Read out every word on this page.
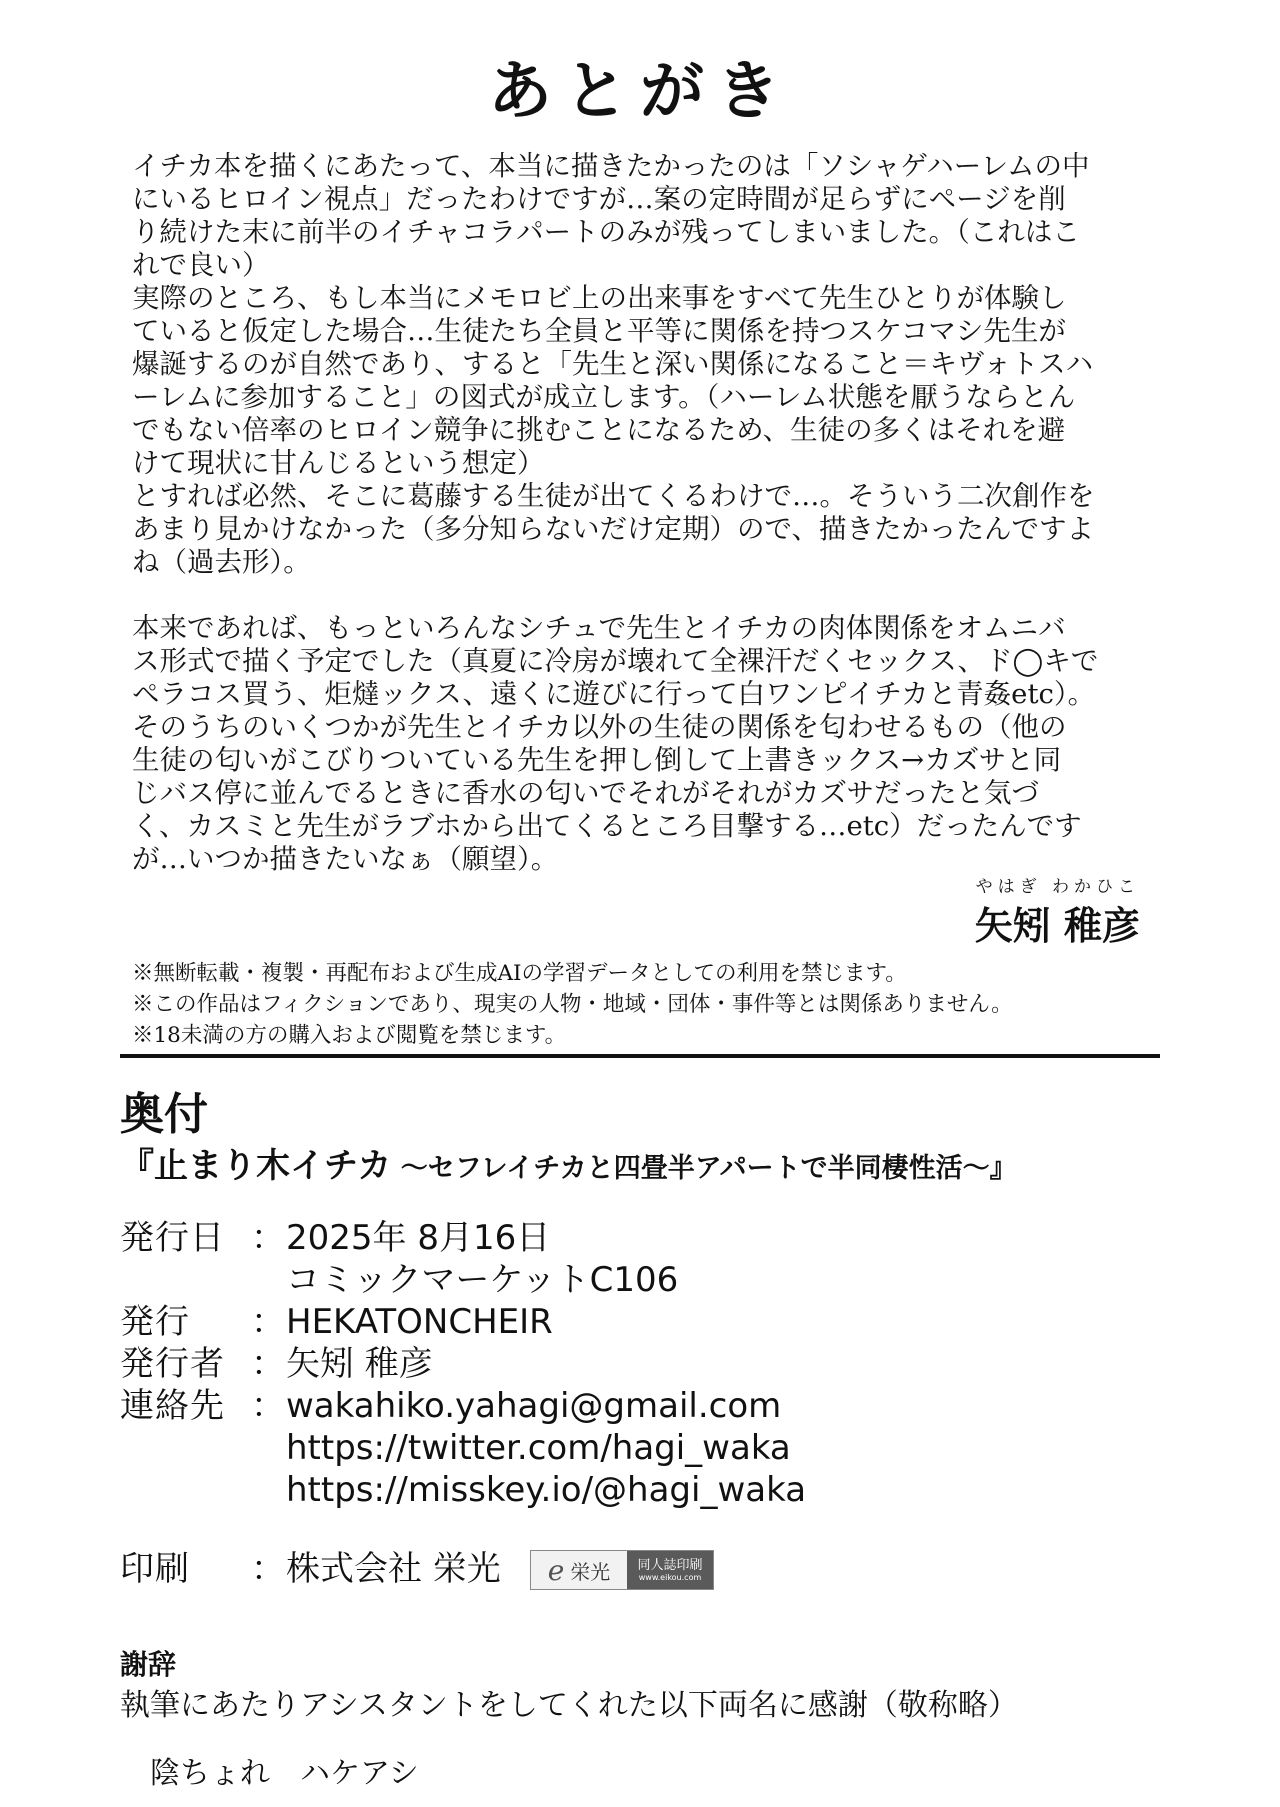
あとがき

イチカ本を描くにあたって、本当に描きたかったのは「ソシャゲハーレムの中

にいるヒロイン視点」だったわけですが…案の定時間が足らずにページを削

り続けた末に前半のイチャコラパートのみが残ってしまいました。（これはこ

れで良い）

実際のところ、もし本当にメモロビ上の出来事をすべて先生ひとりが体験し

ていると仮定した場合…生徒たち全員と平等に関係を持つスケコマシ先生が

爆誕するのが自然であり、すると「先生と深い関係になること＝キヴォトスハ

ーレムに参加すること」の図式が成立します。（ハーレム状態を厭うならとん

でもない倍率のヒロイン競争に挑むことになるため、生徒の多くはそれを避

けて現状に甘んじるという想定）

とすれば必然、そこに葛藤する生徒が出てくるわけで…。そういう二次創作を

あまり見かけなかった（多分知らないだけ定期）ので、描きたかったんですよ

ね（過去形）。

本来であれば、もっといろんなシチュで先生とイチカの肉体関係をオムニバ

ス形式で描く予定でした（真夏に冷房が壊れて全裸汗だくセックス、ド◯キで

ペラコス買う、炬燵ックス、遠くに遊びに行って白ワンピイチカと青姦etc）。

そのうちのいくつかが先生とイチカ以外の生徒の関係を匂わせるもの（他の

生徒の匂いがこびりついている先生を押し倒して上書きックス→カズサと同

じバス停に並んでるときに香水の匂いでそれがそれがカズサだったと気づ

く、カスミと先生がラブホから出てくるところ目撃する…etc）だったんです

が…いつか描きたいなぁ（願望）。

やはぎ わかひこ
矢矧 稚彦
※無断転載・複製・再配布および生成AIの学習データとしての利用を禁じます。
※この作品はフィクションであり、現実の人物・地域・団体・事件等とは関係ありません。
※18未満の方の購入および閲覧を禁じます。
奥付
『止まり木イチカ ～セフレイチカと四畳半アパートで半同棲性活～』
発行日 ：2025年 8月16日
コミックマーケットC106
発行 ：HEKATONCHEIR
発行者 ：矢矧 稚彦
連絡先 ：wakahiko.yahagi@gmail.com
https://twitter.com/hagi_waka
https://misskey.io/@hagi_waka
印刷 ：株式会社 栄光 e 栄光 同人誌印刷
www.eikou.com
謝辞
執筆にあたりアシスタントをしてくれた以下両名に感謝（敬称略）
陰ちょれ ハケアシ
